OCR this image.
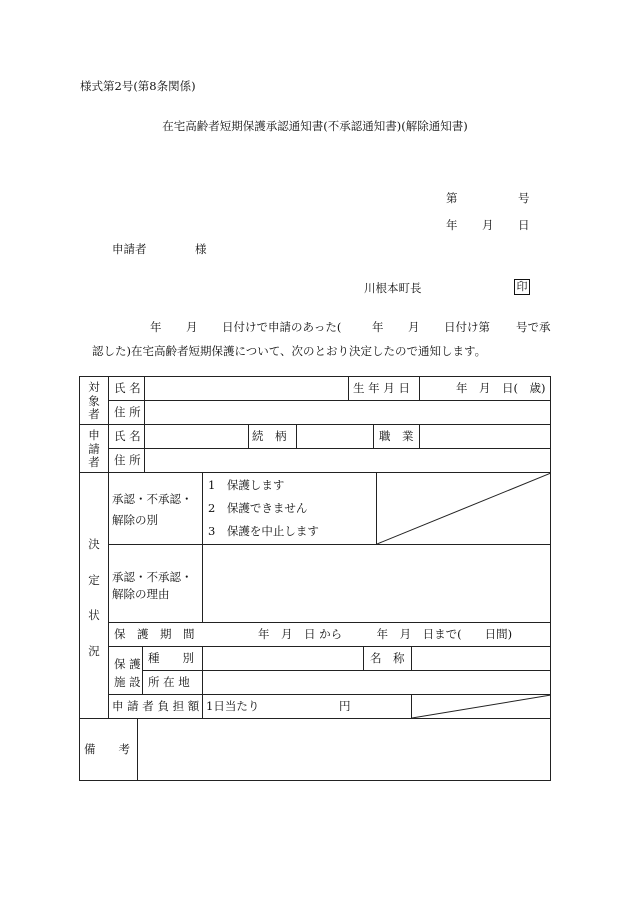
様式第2号(第8条関係)
在宅高齢者短期保護承認通知書(不承認通知書)(解除通知書)
第	号
年 月 日
申請者	様
川根本町長	印
年 月 日付けで申請のあった(	年 月 日付け第 号で承
認した)在宅高齢者短期保護について、次のとおり決定したので通知します。
対
象
者
氏 名	生 年 月 日	年　月　日(　歳)
住 所
申
請
者
氏 名	続　柄	職　業
住 所
決
定
状
況
承認・不承認・
解除の別
1　保護します
2　保護できません
3　保護を中止します
承認・不承認・
解除の理由
保　護　期　間	年　月　日 から　　　年　月　日まで(　　日間)
保 護
施 設
種　　別	名　称
所 在 地
申 請 者 負 担 額 1日当たり	円
備　　考
